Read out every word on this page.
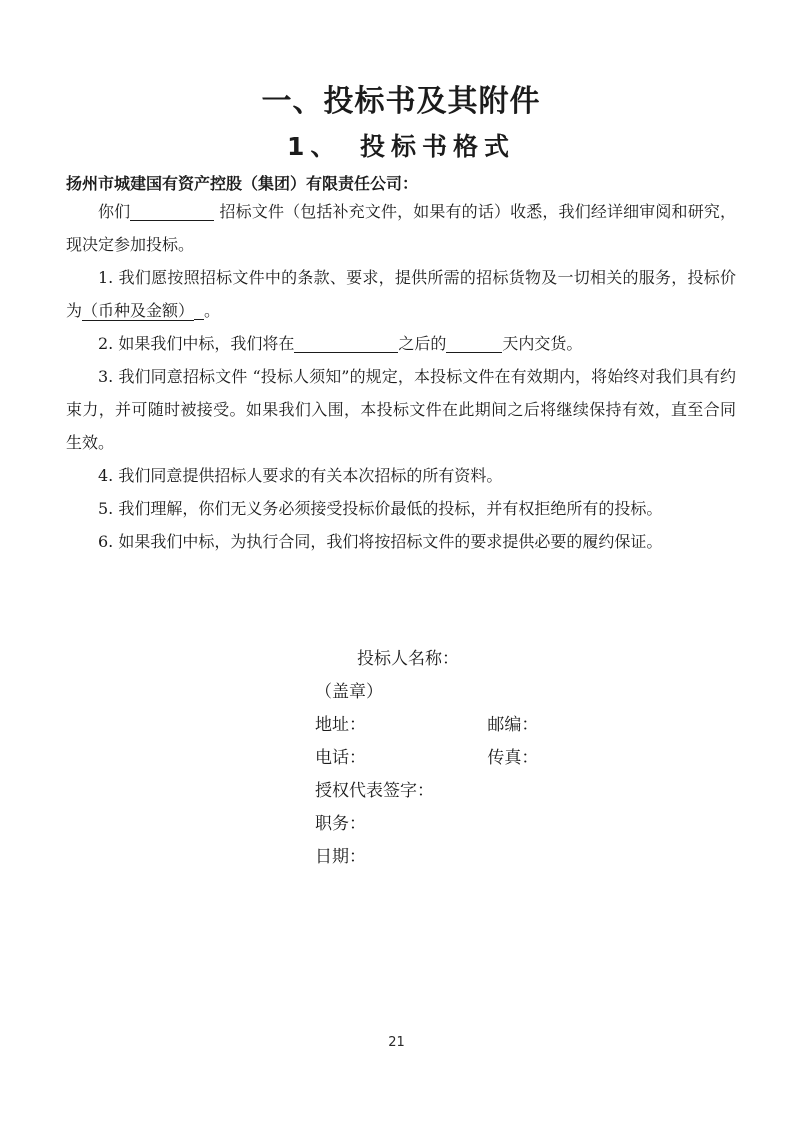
一、投标书及其附件
1、　投标书格式

扬州市城建国有资产控股（集团）有限责任公司：

你们	招标文件（包括补充文件，如果有的话）收悉，我们经详细审阅和研究，现决定参加投标。

1. 我们愿按照招标文件中的条款、要求，提供所需的招标货物及一切相关的服务，投标价为（币种及金额） 。

2. 如果我们中标，我们将在	之后的	天内交货。

3. 我们同意招标文件 “投标人须知”的规定，本投标文件在有效期内，将始终对我们具有约束力，并可随时被接受。如果我们入围，本投标文件在此期间之后将继续保持有效，直至合同生效。

4. 我们同意提供招标人要求的有关本次招标的所有资料。

5. 我们理解，你们无义务必须接受投标价最低的投标，并有权拒绝所有的投标。

6. 如果我们中标，为执行合同，我们将按招标文件的要求提供必要的履约保证。

投标人名称：
（盖章）
地址：	邮编：
电话：	传真：
授权代表签字：
职务：
日期：
21
